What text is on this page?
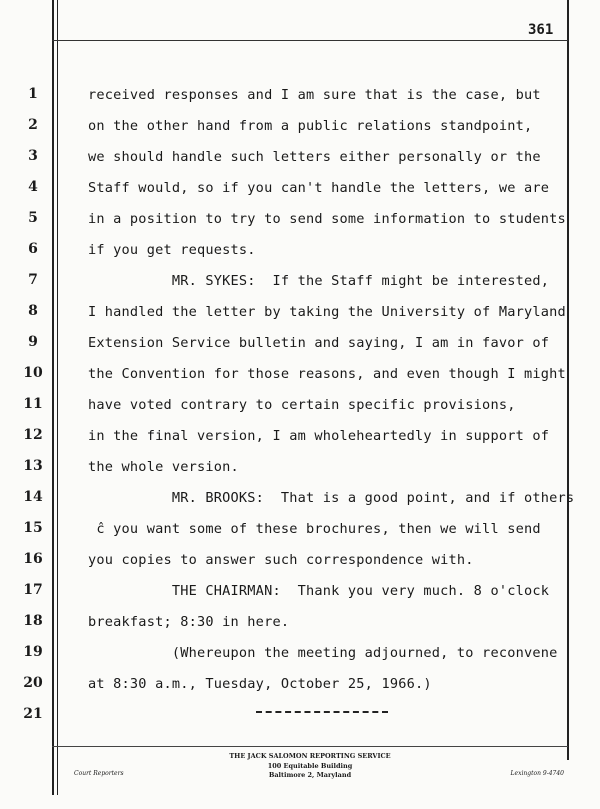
361
1	received responses and I am sure that is the case, but
2	on the other hand from a public relations standpoint,
3	we should handle such letters either personally or the
4	Staff would, so if you can't handle the letters, we are
5	in a position to try to send some information to students
6	if you get requests.
7	MR. SYKES:  If the Staff might be interested,
8	I handled the letter by taking the University of Maryland
9	Extension Service bulletin and saying, I am in favor of
10	the Convention for those reasons, and even though I might
11	have voted contrary to certain specific provisions,
12	in the final version, I am wholeheartedly in support of
13	the whole version.
14	MR. BROOKS:  That is a good point, and if others
15	ĉ you want some of these brochures, then we will send
16	you copies to answer such correspondence with.
17	THE CHAIRMAN:  Thank you very much. 8 o'clock
18	breakfast; 8:30 in here.
19	(Whereupon the meeting adjourned, to reconvene
20	at 8:30 a.m., Tuesday, October 25, 1966.)
21
THE JACK SALOMON REPORTING SERVICE
100 Equitable Building
Baltimore 2, Maryland
Court Reporters	Lexington 9-4740
